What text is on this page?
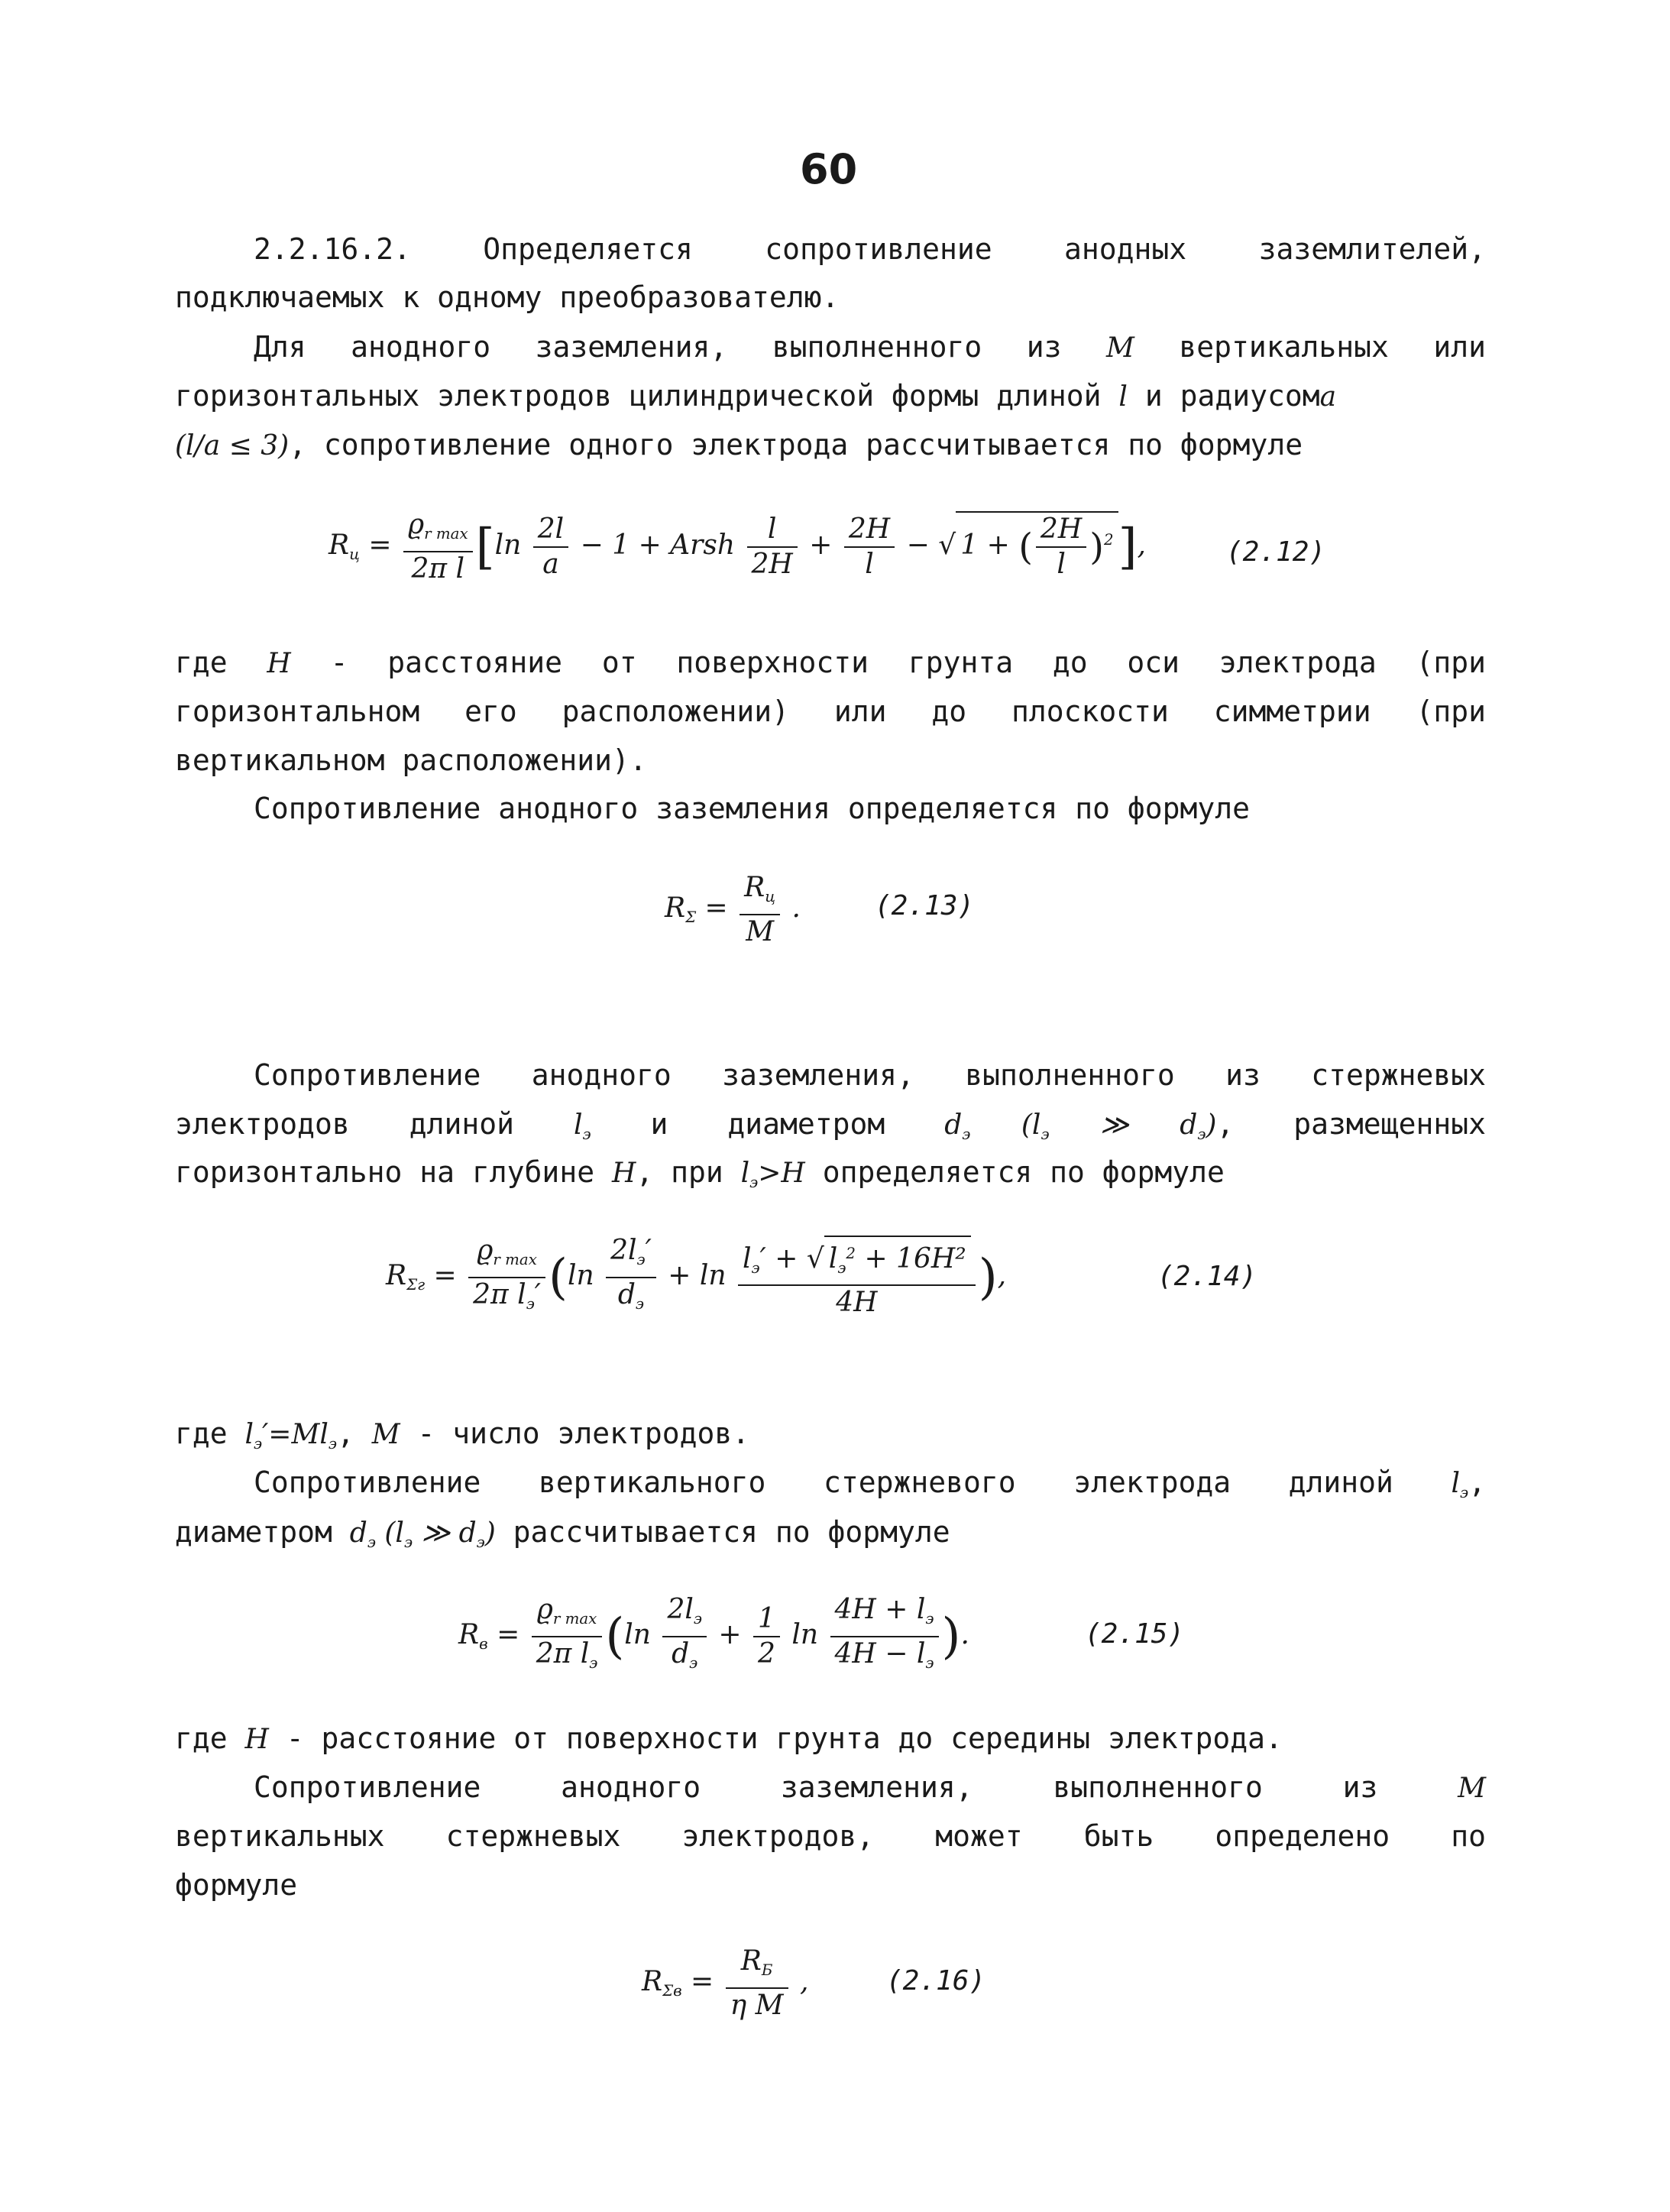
60
2.2.16.2. Определяется сопротивление анодных заземлителей,
подключаемых к одному преобразователю.
Для анодного заземления, выполненного из M вертикальных или
горизонтальных электродов цилиндрической формы длиной l и радиусомa
(l/a ≤ 3), сопротивление одного электрода рассчитывается по формуле
$R_ц = \frac{ϱ_{r max}}{\text{2π l}} [\ln \frac{2l}{a} - 1$ + Arsh $\frac{l}{2H} + \frac{2H}{l}$ − √ 1 + ( $\frac{2H}{l} )^2$],	(2.12)
где H - расстояние от поверхности грунта до оси электрода (при
горизонтальном его расположении) или до плоскости симметрии (при
вертикальном расположении).
Сопротивление анодного заземления определяется по формуле
$R_\Sigma = \frac{R_ц}{M}$ .	(2.13)
Сопротивление анодного заземления, выполненного из стержневых
электродов длиной $l_э$ и диаметром $d_э$ ($l_э$ ≫ $d_э$), размещенных
горизонтально на глубине H, при $l_э>H$ определяется по формуле
$R_{\Sigma г} = \frac{ϱ_{r max}}{2\pi l_э'} (\ln \frac{2l_э'}{d_э} + \ln \frac{l_э' + √ l_э^2 + 16H^2}{4H}$ ),	(2.14)
где $l_э'=Ml_э$, M - число электродов.
Сопротивление вертикального стержневого электрода длиной $l_э$,
диаметром $d_э$ ($l_э$ ≫ $d_э$) рассчитывается по формуле
$R_в = \frac{ϱ_{r max}}{2\pi l_э} (\ln \frac{2l_э}{d_э} + \frac{1}{2}$ $\ln \frac{4H + l_э}{4H - l_э}$ ).	(2.15)
где H - расстояние от поверхности грунта до середины электрода.
Сопротивление	анодного	заземления,	выполненного	из	M
вертикальных стержневых электродов, может быть определено по
формуле
$R_{\Sigma в} = \frac{R_Б}{\text{η M}}$ ,	(2.16)
